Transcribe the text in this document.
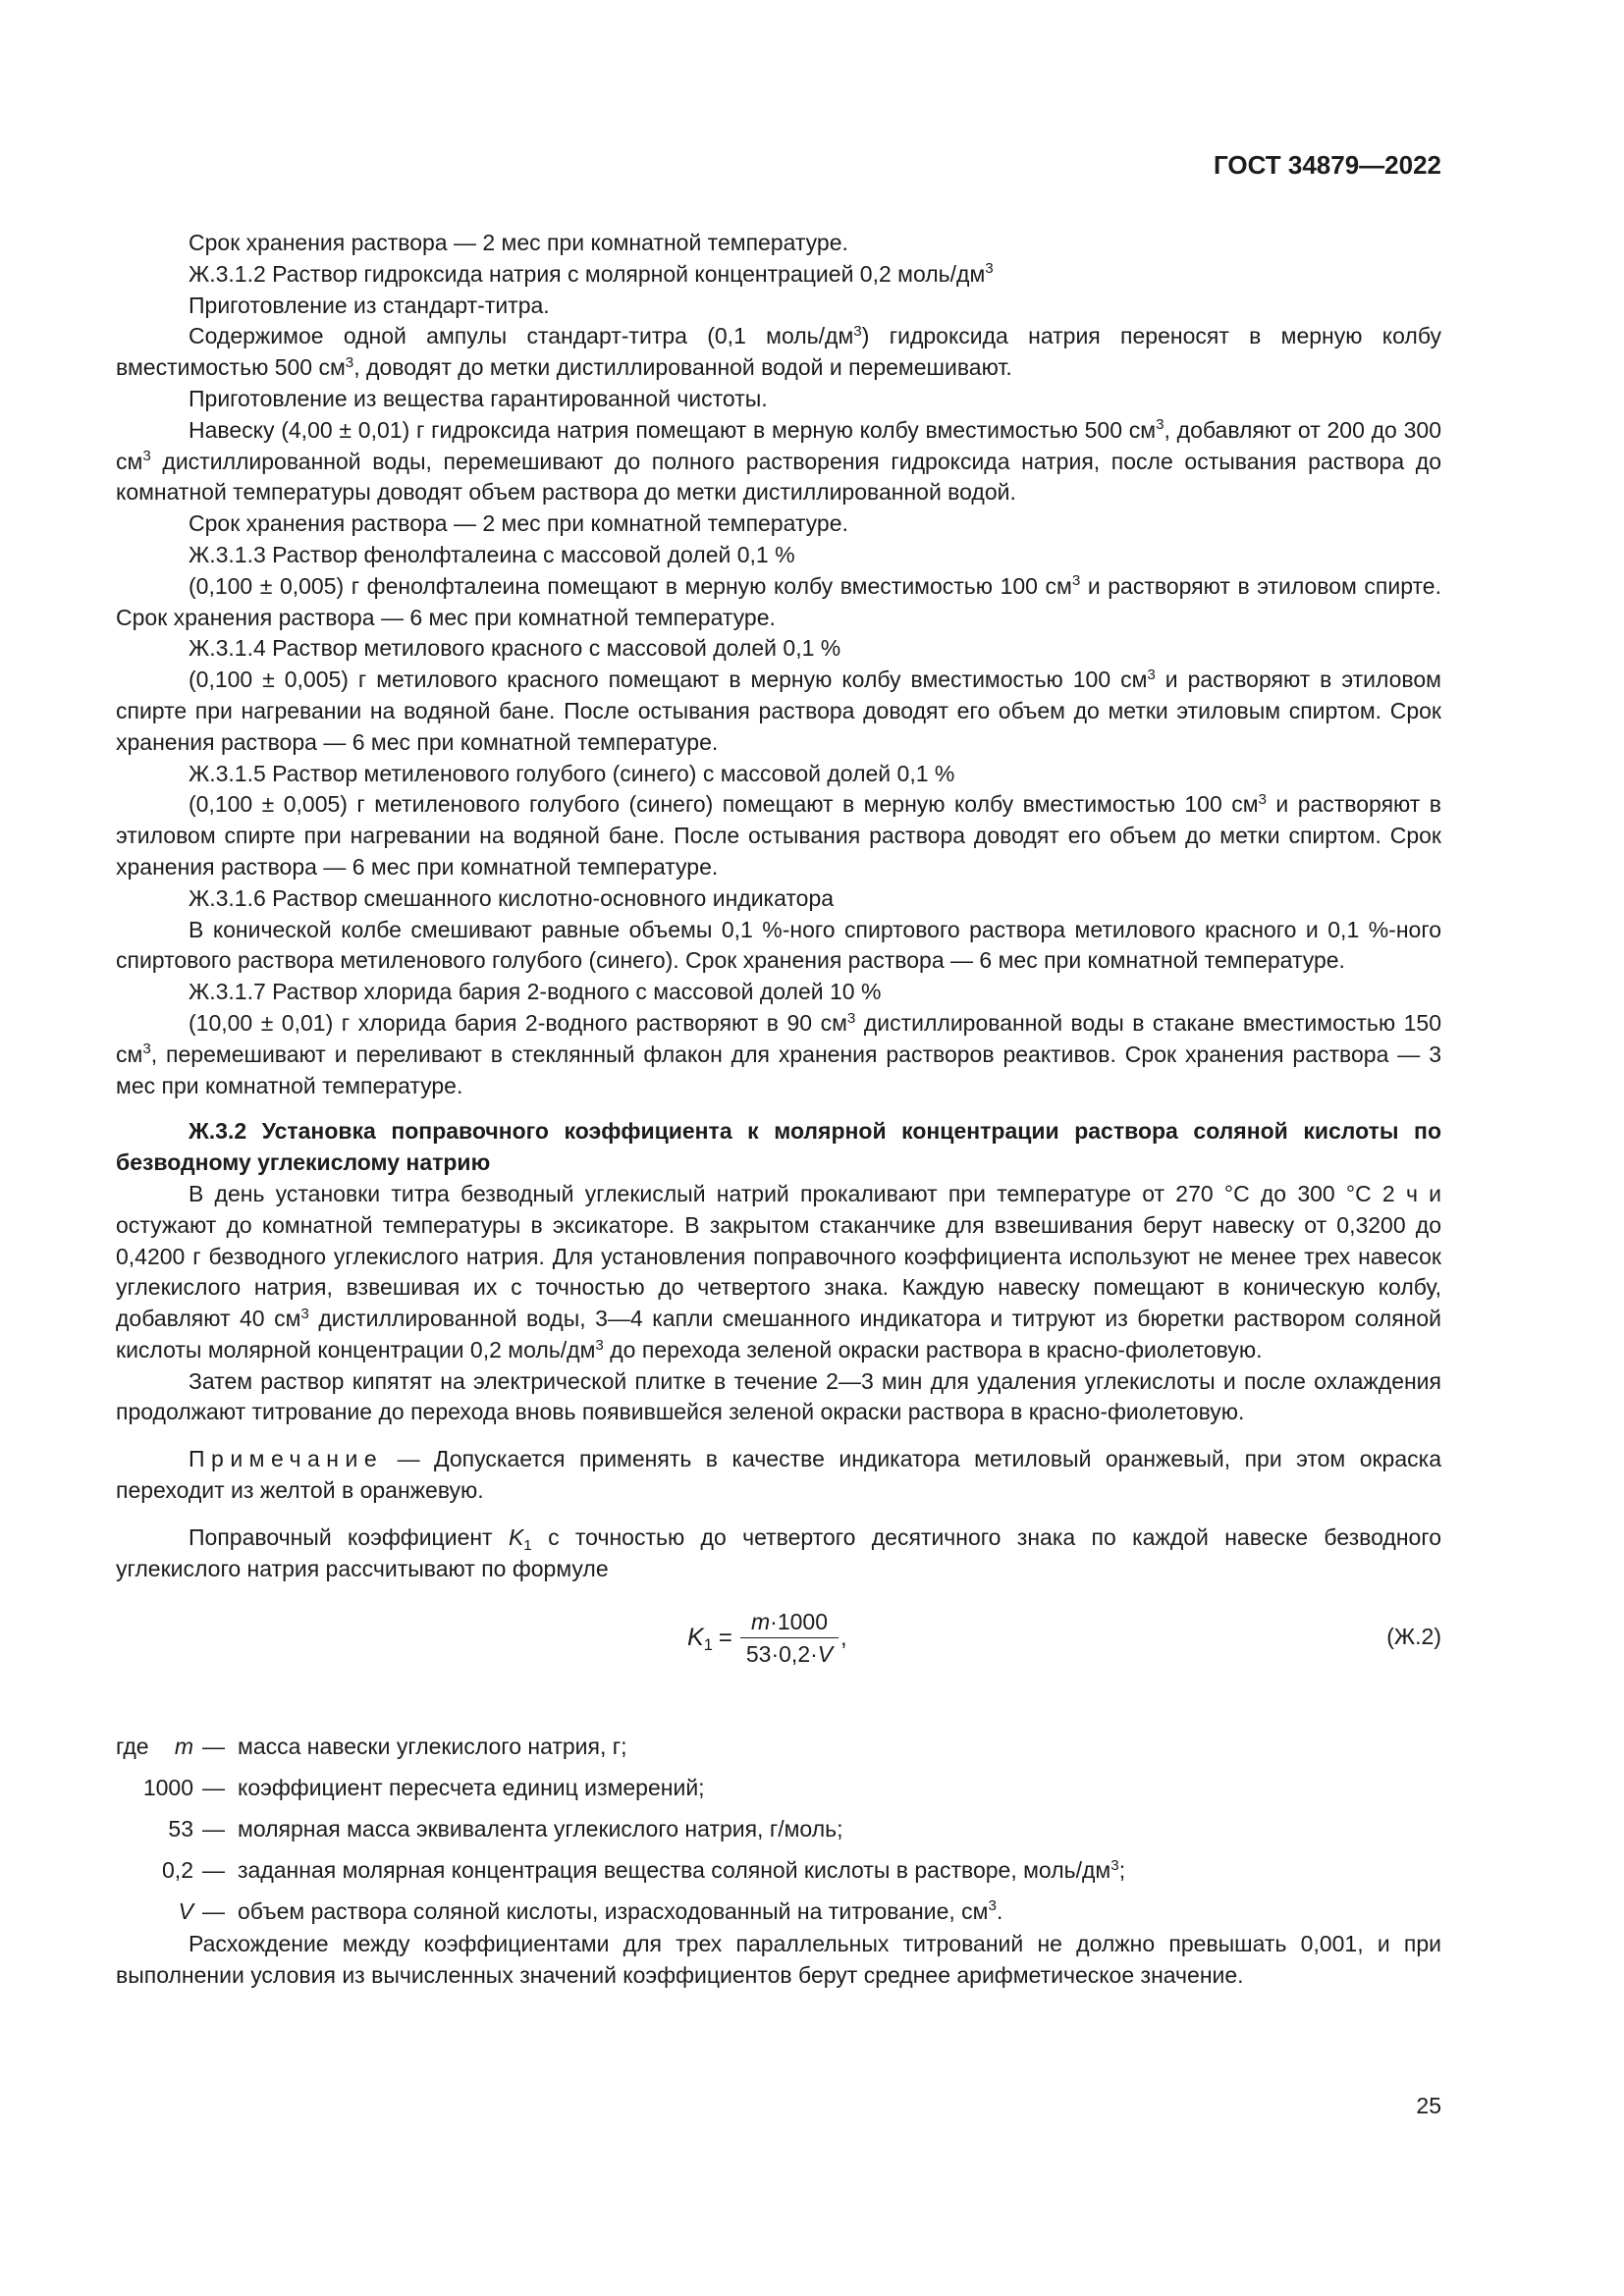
ГОСТ 34879—2022

Срок хранения раствора — 2 мес при комнатной температуре.

Ж.3.1.2 Раствор гидроксида натрия с молярной концентрацией 0,2 моль/$дм^3$

Приготовление из стандарт-титра.

Содержимое одной ампулы стандарт-титра (0,1 моль/$дм^3$) гидроксида натрия переносят в мерную колбу вместимостью 500 $см^3$, доводят до метки дистиллированной водой и перемешивают.

Приготовление из вещества гарантированной чистоты.

Навеску (4,00 ± 0,01) г гидроксида натрия помещают в мерную колбу вместимостью 500 $см^3$, добавляют от 200 до 300 $см^3$ дистиллированной воды, перемешивают до полного растворения гидроксида натрия, после остывания раствора до комнатной температуры доводят объем раствора до метки дистиллированной водой.

Срок хранения раствора — 2 мес при комнатной температуре.

Ж.3.1.3 Раствор фенолфталеина с массовой долей 0,1 %

(0,100 ± 0,005) г фенолфталеина помещают в мерную колбу вместимостью 100 $см^3$ и растворяют в этиловом спирте. Срок хранения раствора — 6 мес при комнатной температуре.

Ж.3.1.4 Раствор метилового красного с массовой долей 0,1 %

(0,100 ± 0,005) г метилового красного помещают в мерную колбу вместимостью 100 $см^3$ и растворяют в этиловом спирте при нагревании на водяной бане. После остывания раствора доводят его объем до метки этиловым спиртом. Срок хранения раствора — 6 мес при комнатной температуре.

Ж.3.1.5 Раствор метиленового голубого (синего) с массовой долей 0,1 %

(0,100 ± 0,005) г метиленового голубого (синего) помещают в мерную колбу вместимостью 100 $см^3$ и растворяют в этиловом спирте при нагревании на водяной бане. После остывания раствора доводят его объем до метки спиртом. Срок хранения раствора — 6 мес при комнатной температуре.

Ж.3.1.6 Раствор смешанного кислотно-основного индикатора

В конической колбе смешивают равные объемы 0,1 %-ного спиртового раствора метилового красного и 0,1 %-ного спиртового раствора метиленового голубого (синего). Срок хранения раствора — 6 мес при комнатной температуре.

Ж.3.1.7 Раствор хлорида бария 2-водного с массовой долей 10 %

(10,00 ± 0,01) г хлорида бария 2-водного растворяют в 90 $см^3$ дистиллированной воды в стакане вместимостью 150 $см^3$, перемешивают и переливают в стеклянный флакон для хранения растворов реактивов. Срок хранения раствора — 3 мес при комнатной температуре.

Ж.3.2 Установка поправочного коэффициента к молярной концентрации раствора соляной кислоты по безводному углекислому натрию

В день установки титра безводный углекислый натрий прокаливают при температуре от 270 °C до 300 °C 2 ч и остужают до комнатной температуры в эксикаторе. В закрытом стаканчике для взвешивания берут навеску от 0,3200 до 0,4200 г безводного углекислого натрия. Для установления поправочного коэффициента используют не менее трех навесок углекислого натрия, взвешивая их с точностью до четвертого знака. Каждую навеску помещают в коническую колбу, добавляют 40 $см^3$ дистиллированной воды, 3—4 капли смешанного индикатора и титруют из бюретки раствором соляной кислоты молярной концентрации 0,2 моль/$дм^3$ до перехода зеленой окраски раствора в красно-фиолетовую.

Затем раствор кипятят на электрической плитке в течение 2—3 мин для удаления углекислоты и после охлаждения продолжают титрование до перехода вновь появившейся зеленой окраски раствора в красно-фиолетовую.

Примечание — Допускается применять в качестве индикатора метиловый оранжевый, при этом окраска переходит из желтой в оранжевую.

Поправочный коэффициент $K_1$ с точностью до четвертого десятичного знака по каждой навеске безводного углекислого натрия рассчитывают по формуле

$K_1 = \frac{m\cdot 1000}{53\cdot 0,2\cdot V}$ ,	(Ж.2)
где	m — масса навески углекислого натрия, г;
1000 — коэффициент пересчета единиц измерений;
53 — молярная масса эквивалента углекислого натрия, г/моль;
0,2 — заданная молярная концентрация вещества соляной кислоты в растворе, моль/$дм^3$;
V — объем раствора соляной кислоты, израсходованный на титрование, $см^3$.

Расхождение между коэффициентами для трех параллельных титрований не должно превышать 0,001, и при выполнении условия из вычисленных значений коэффициентов берут среднее арифметическое значение.

25
